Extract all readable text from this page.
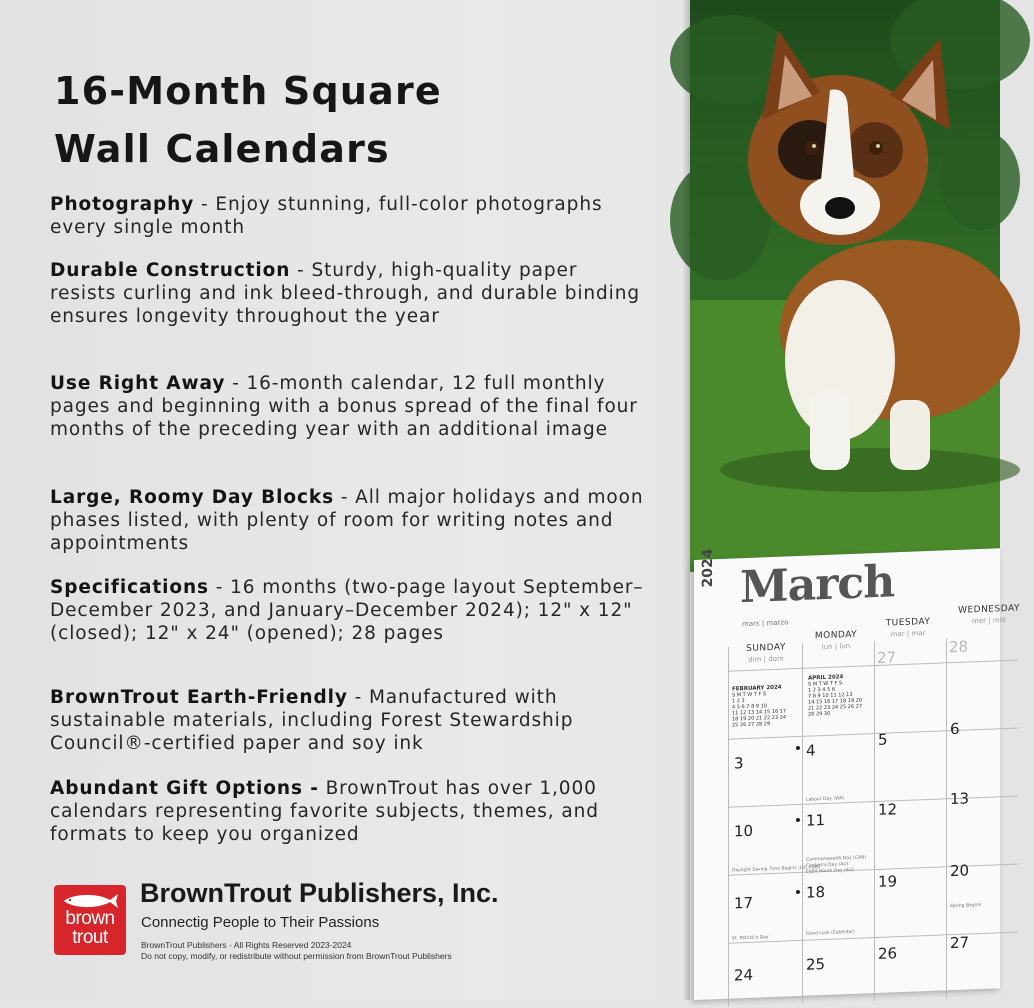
16-Month Square
Wall Calendars

Photography - Enjoy stunning, full-color photographs every single month

Durable Construction - Sturdy, high-quality paper resists curling and ink bleed-through, and durable binding ensures longevity throughout the year

Use Right Away - 16-month calendar, 12 full monthly pages and beginning with a bonus spread of the final four months of the preceding year with an additional image

Large, Roomy Day Blocks - All major holidays and moon phases listed, with plenty of room for writing notes and appointments

Specifications - 16 months (two-page layout September–December 2023, and January–December 2024); 12" x 12" (closed); 12" x 24" (opened); 28 pages

BrownTrout Earth-Friendly - Manufactured with sustainable materials, including Forest Stewardship Council®-certified paper and soy ink

Abundant Gift Options - BrownTrout has over 1,000 calendars representing favorite subjects, themes, and formats to keep you organized

brown
trout
BrownTrout Publishers, Inc.
Connectig People to Their Passions
BrownTrout Publishers - All Rights Reserved 2023-2024
Do not copy, modify, or redistribute without permission from BrownTrout Publishers
2024 March
mars | marzo
SUNDAY
dim | dom
MONDAY
lun | lun
TUESDAY
mar | mar
WEDNESDAY
mer | mié
FEBRUARY 2024
S M T W T F S
1 2 3
4 5 6 7 8 9 10
11 12 13 14 15 16 17
18 19 20 21 22 23 24
25 26 27 28 29
APRIL 2024
S M T W T F S
1 2 3 4 5 6
7 8 9 10 11 12 13
14 15 16 17 18 19 20
21 22 23 24 25 26 27
28 29 30
27
28
3
4
5
6
10
11
12
13
17
18
19
20
24
25
26
27
Labour Day (WA)
Daylight Saving Time Begins (US, CAN)
Commonwealth Day (CAN)
Canberra Day (AU)
Eight Hours Day (AU)
St. Patrick's Day
Spring Begins
Good Luck (Calendar)
